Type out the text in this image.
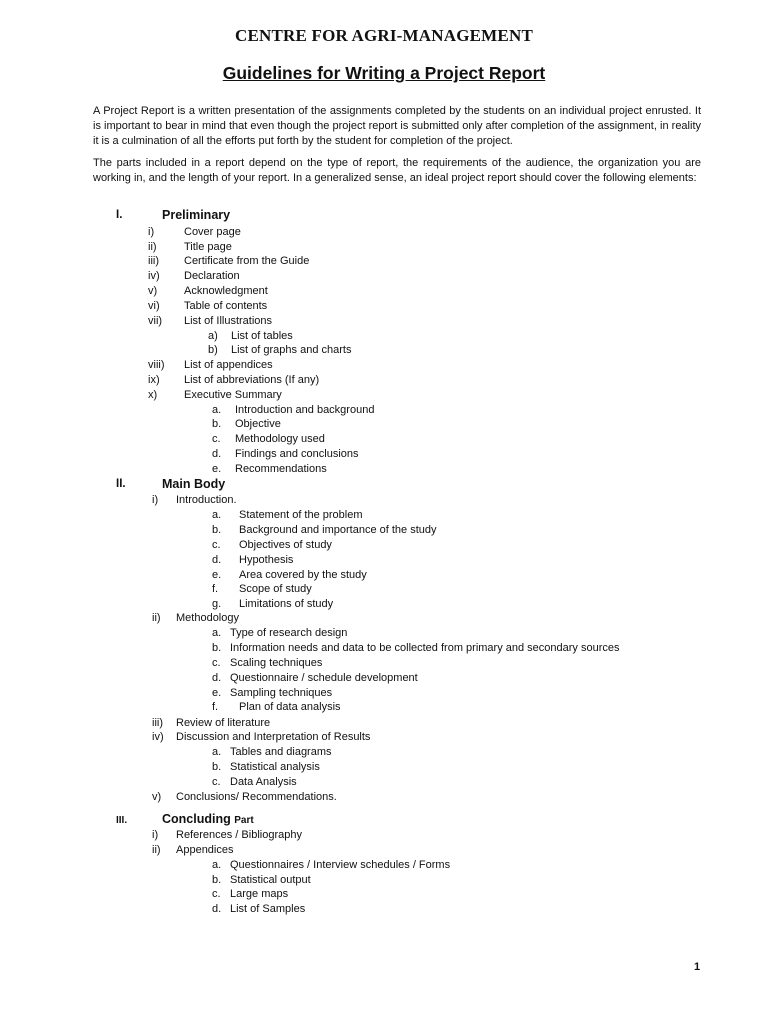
CENTRE FOR AGRI-MANAGEMENT
Guidelines for Writing a Project Report

A Project Report is a written presentation of the assignments completed by the students on an individual project enrusted. It is important to bear in mind that even though the project report is submitted only after completion of the assignment, in reality it is a culmination of all the efforts put forth by the student for completion of the project.

The parts included in a report depend on the type of report, the requirements of the audience, the organization you are working in, and the length of your report. In a generalized sense, an ideal project report should cover the following elements:

I.	Preliminary
i)	Cover page
ii) Title page
iii) Certificate from the Guide
iv) Declaration
v) Acknowledgment
vi) Table of contents
vii) List of Illustrations
a) List of tables
b) List of graphs and charts
viii) List of appendices
ix) List of abbreviations (If any)
x) Executive Summary
a. Introduction and background
b. Objective
c. Methodology used
d. Findings and conclusions
e. Recommendations
II.	Main Body
i) Introduction.
a. Statement of the problem
b. Background and importance of the study
c. Objectives of study
d. Hypothesis
e. Area covered by the study
f. Scope of study
g. Limitations of study
ii) Methodology
a. Type of research design
b. Information needs and data to be collected from primary and secondary sources
c. Scaling techniques
d. Questionnaire / schedule development
e. Sampling techniques
f. Plan of data analysis
iii) Review of literature
iv) Discussion and Interpretation of Results
a. Tables and diagrams
b. Statistical analysis
c. Data Analysis
v) Conclusions/ Recommendations.
III.	Concluding Part
i) References / Bibliography
ii) Appendices
a. Questionnaires / Interview schedules / Forms
b. Statistical output
c. Large maps
d. List of Samples
1
